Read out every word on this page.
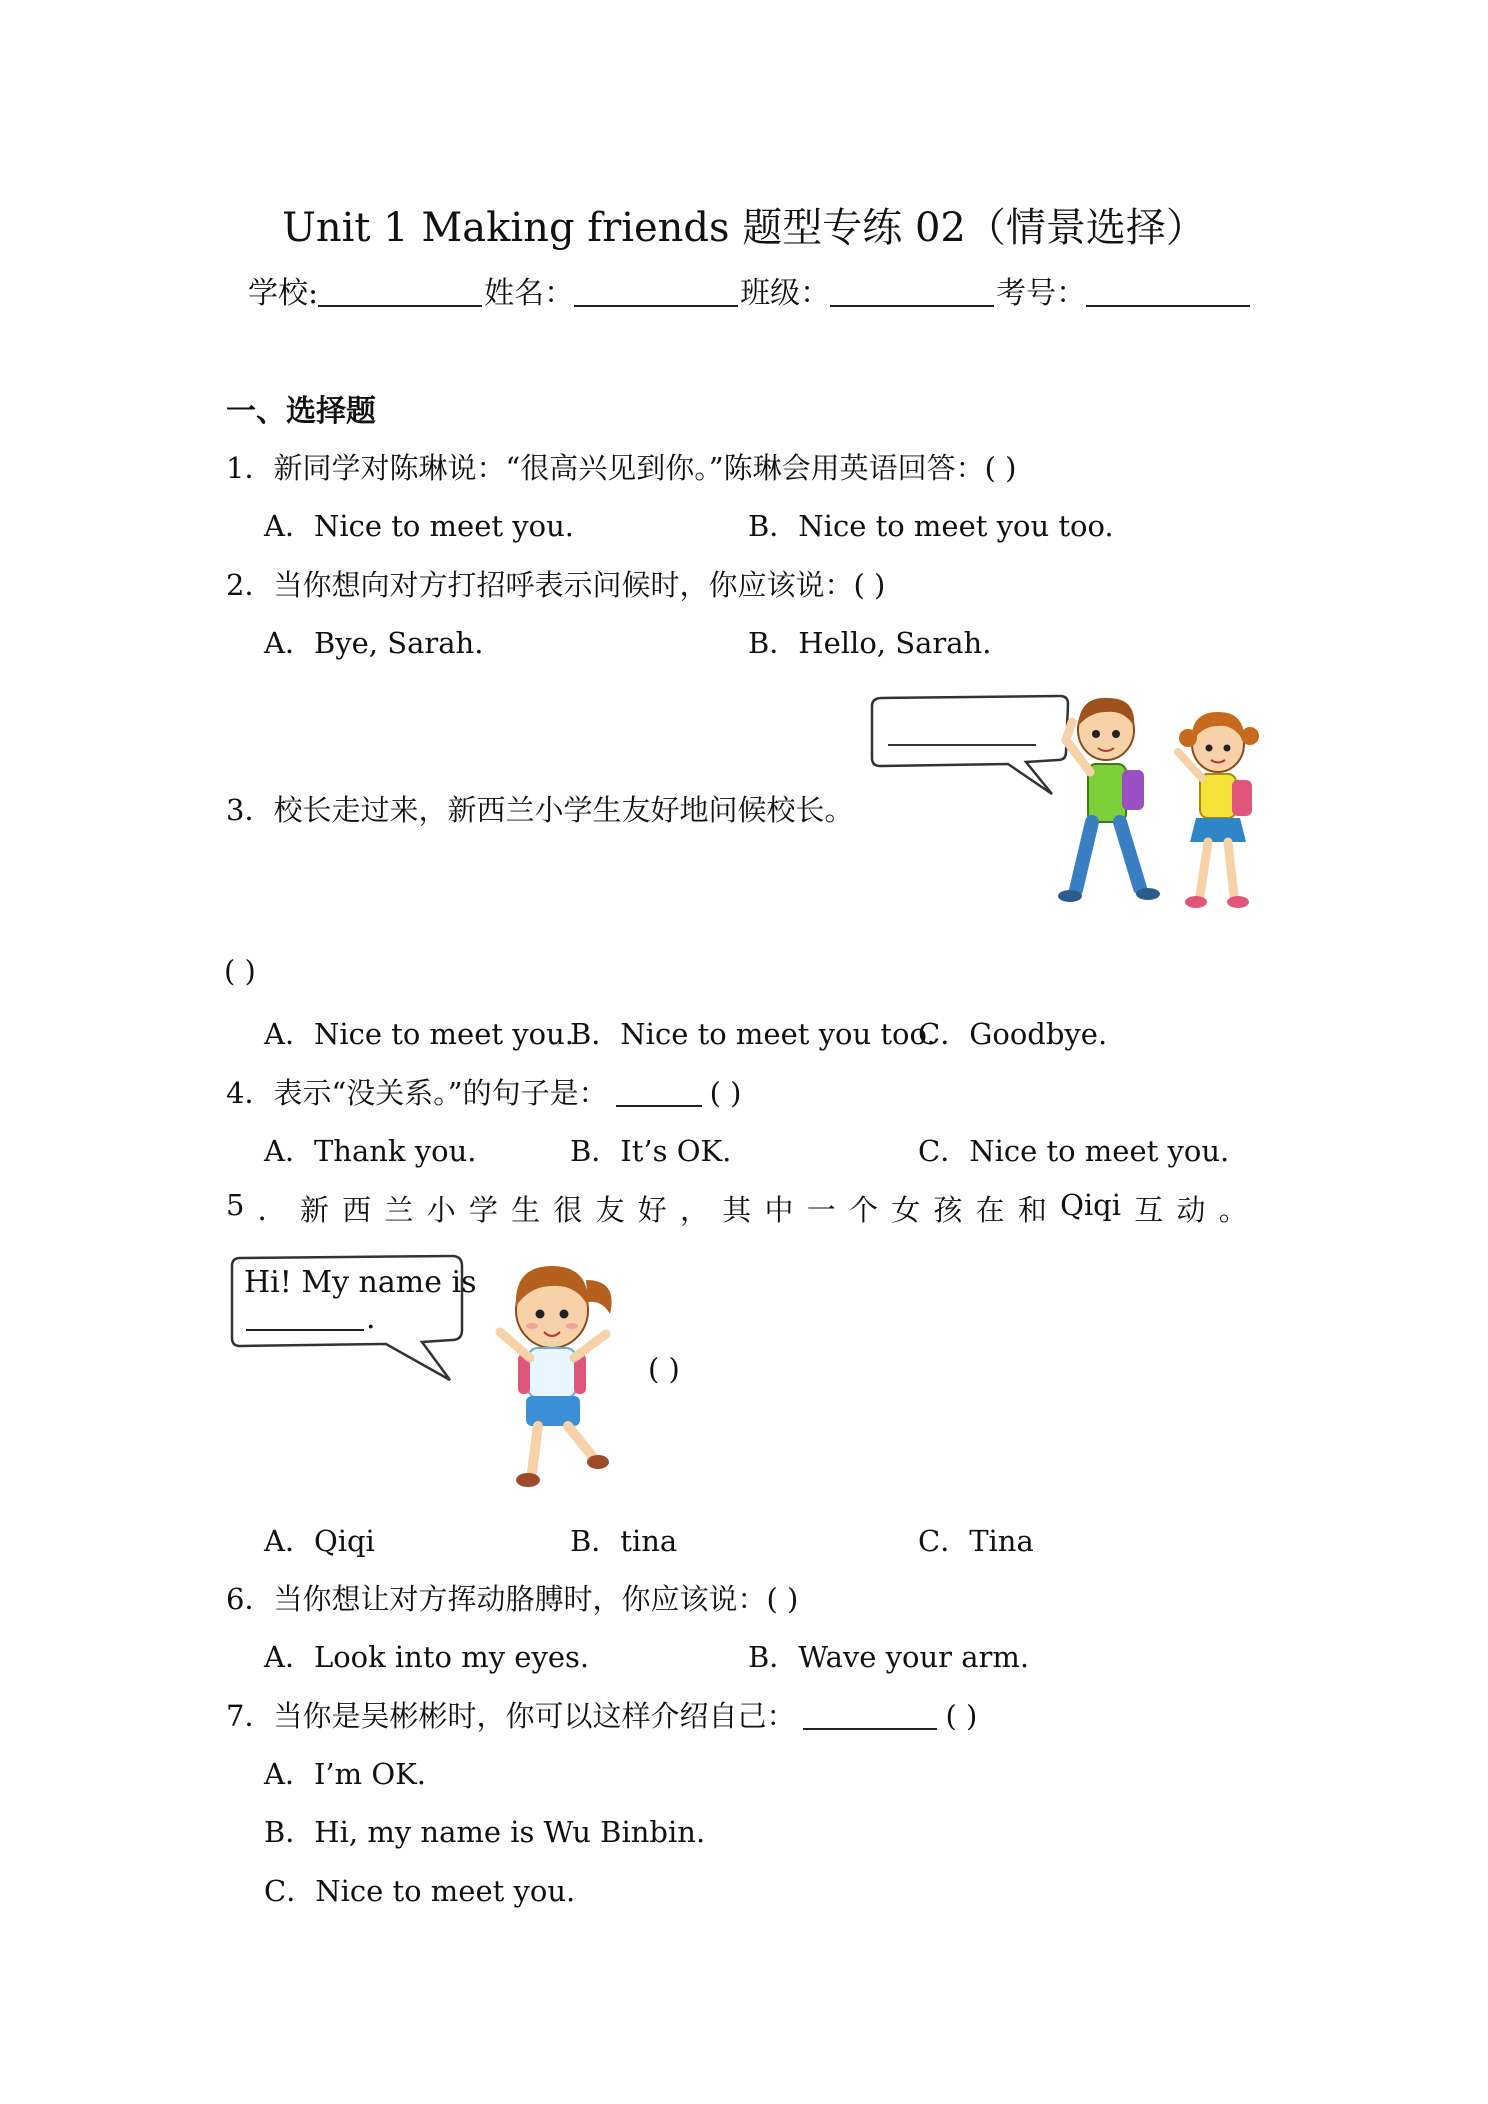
Unit 1 Making friends 题型专练 02（情景选择）
学校:	姓名：	班级：	考号：
一、选择题
1．新同学对陈琳说：“很高兴见到你。”陈琳会用英语回答：( )
A．Nice to meet you.	B．Nice to meet you too.
2．当你想向对方打招呼表示问候时，你应该说：( )
A．Bye, Sarah.	B．Hello, Sarah.
3．校长走过来，新西兰小学生友好地问候校长。
( )
A．Nice to meet you.
B．Nice to meet you too.
C．Goodbye.
4．表示“没关系。”的句子是：	( )
A．Thank you.	B．It’s OK.	C．Nice to meet you.
5 ． 新 西 兰 小 学 生 很 友 好 ， 其 中 一 个 女 孩 在 和 Qiqi 互 动 。
Hi! My name is
.
( )
A．Qiqi	B．tina	C．Tina
6．当你想让对方挥动胳膊时，你应该说：( )
A．Look into my eyes.	B．Wave your arm.
7．当你是吴彬彬时，你可以这样介绍自己：	( )
A．I’m OK.
B．Hi, my name is Wu Binbin.
C．Nice to meet you.
